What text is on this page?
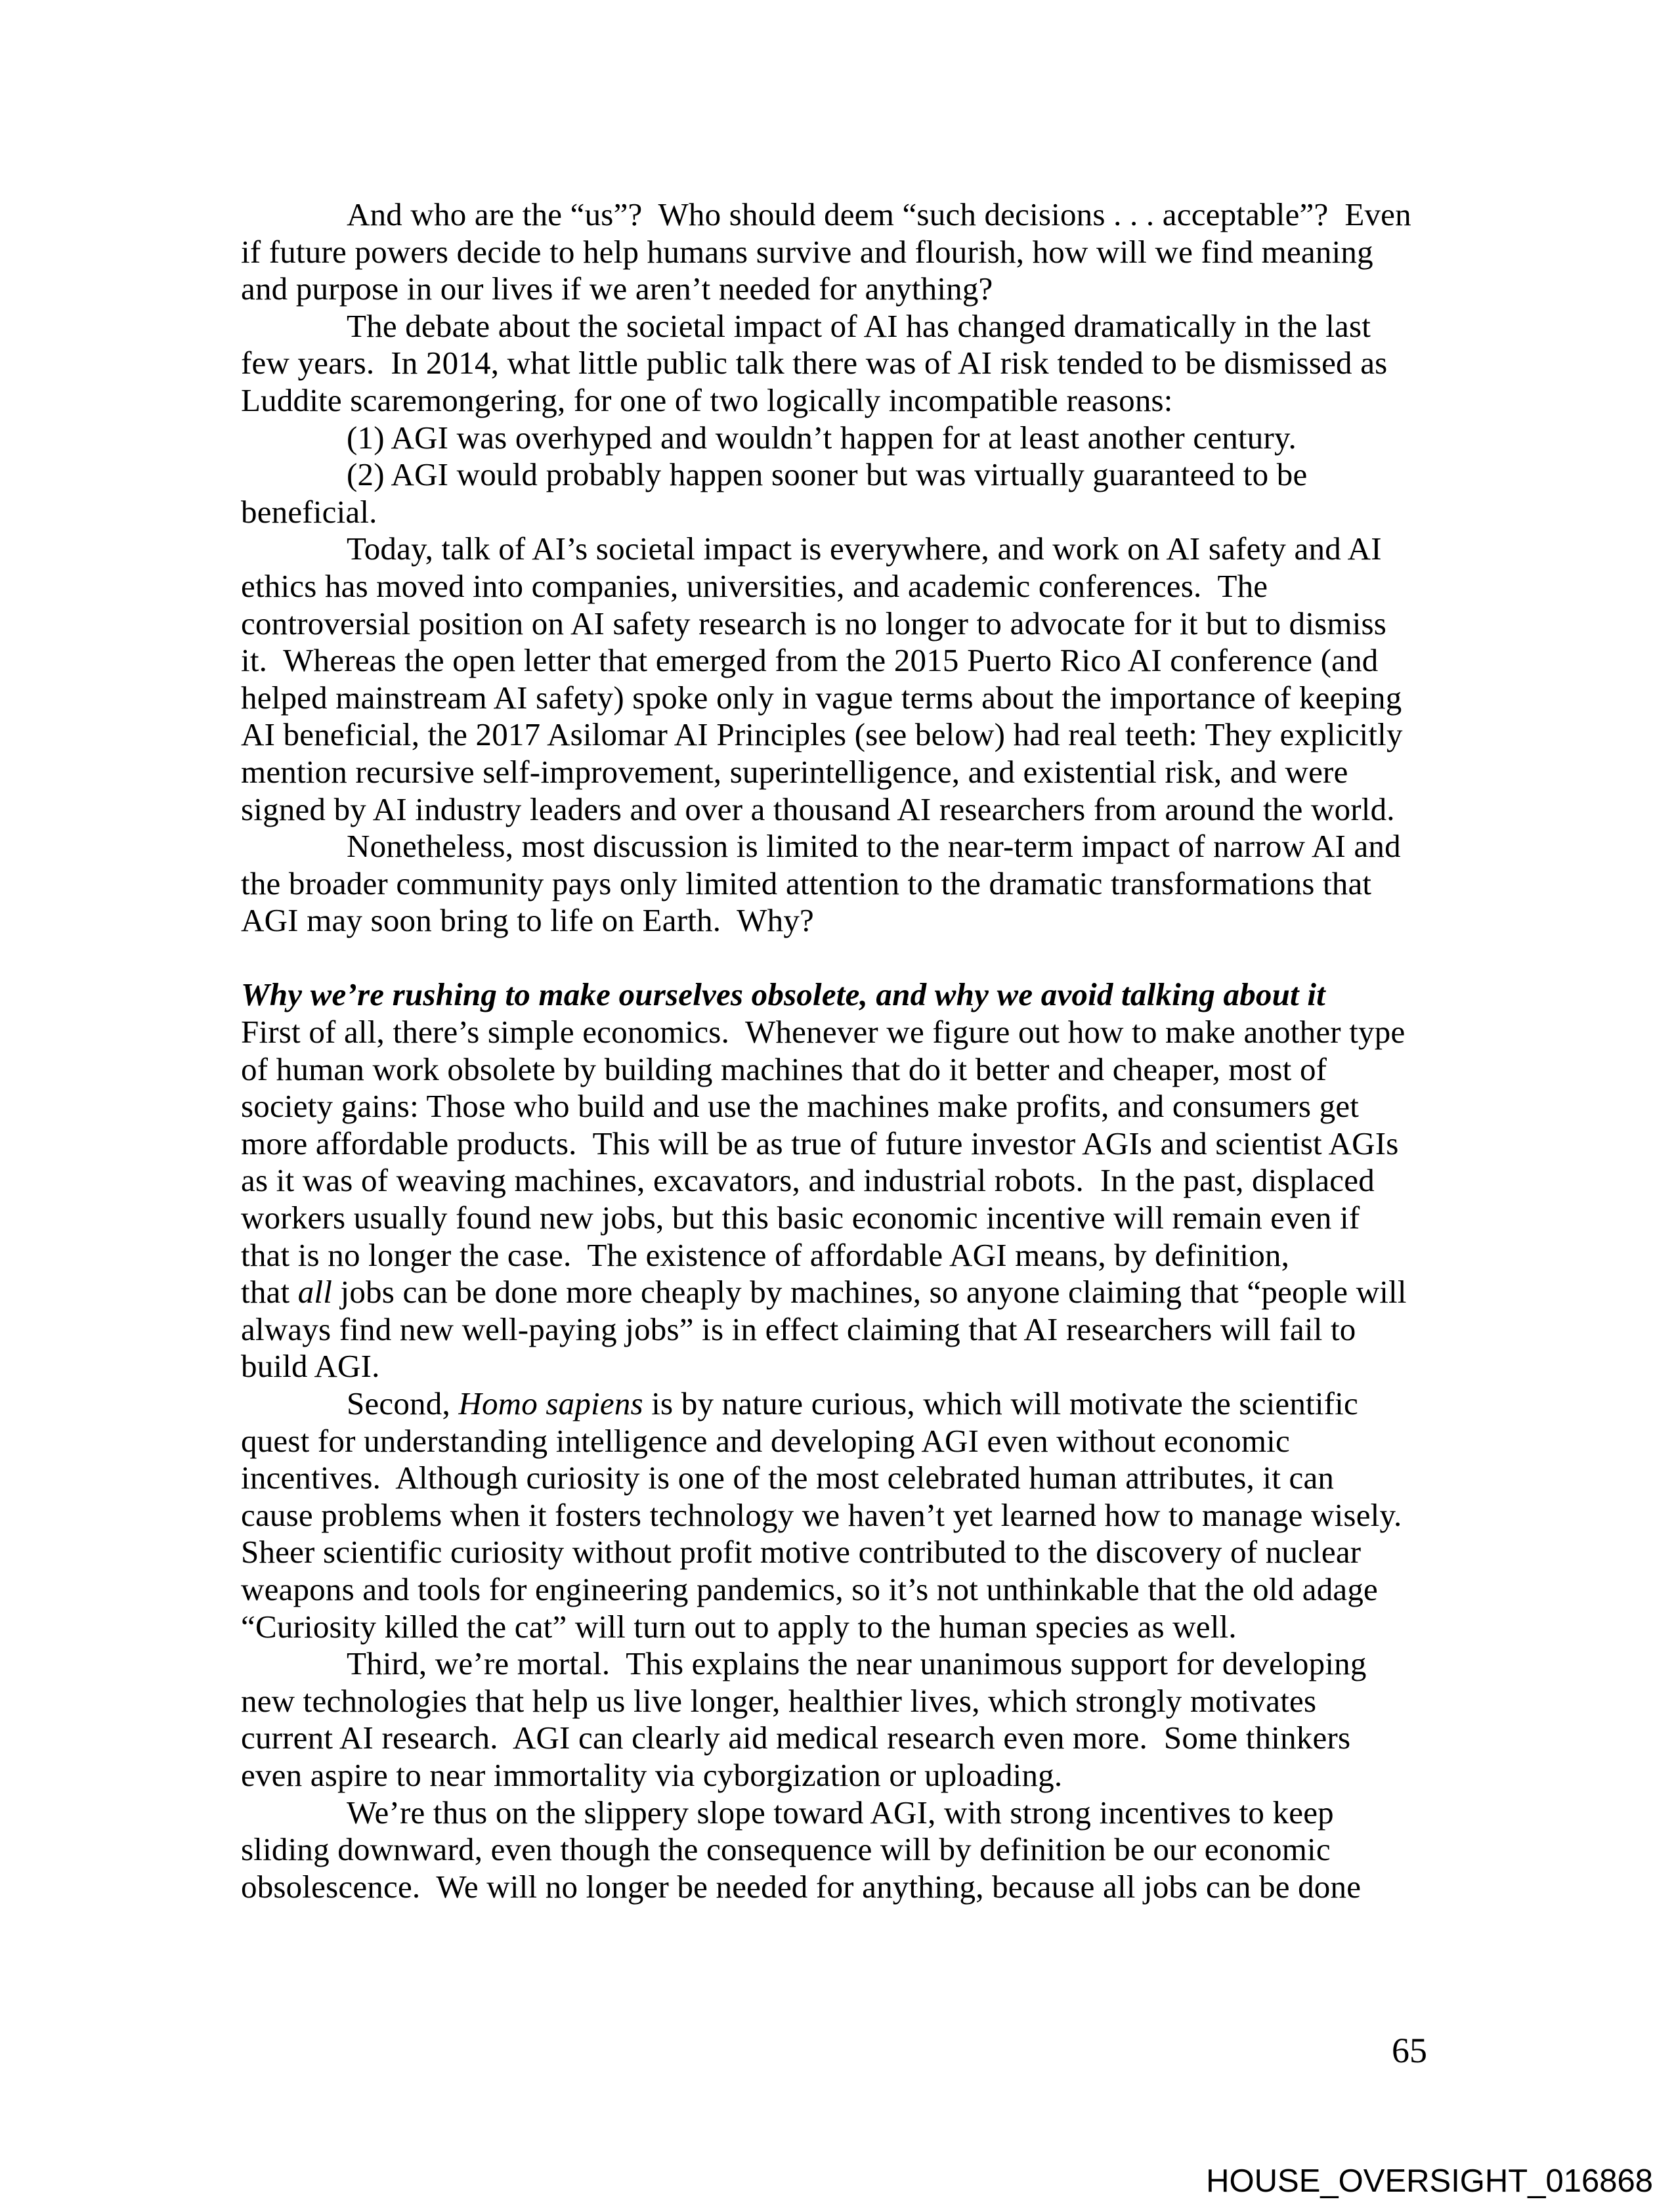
And who are the “us”?  Who should deem “such decisions . . . acceptable”?  Even
if future powers decide to help humans survive and flourish, how will we find meaning
and purpose in our lives if we aren’t needed for anything?
The debate about the societal impact of AI has changed dramatically in the last
few years.  In 2014, what little public talk there was of AI risk tended to be dismissed as
Luddite scaremongering, for one of two logically incompatible reasons:
(1) AGI was overhyped and wouldn’t happen for at least another century.
(2) AGI would probably happen sooner but was virtually guaranteed to be
beneficial.
Today, talk of AI’s societal impact is everywhere, and work on AI safety and AI
ethics has moved into companies, universities, and academic conferences.  The
controversial position on AI safety research is no longer to advocate for it but to dismiss
it.  Whereas the open letter that emerged from the 2015 Puerto Rico AI conference (and
helped mainstream AI safety) spoke only in vague terms about the importance of keeping
AI beneficial, the 2017 Asilomar AI Principles (see below) had real teeth: They explicitly
mention recursive self-improvement, superintelligence, and existential risk, and were
signed by AI industry leaders and over a thousand AI researchers from around the world.
Nonetheless, most discussion is limited to the near-term impact of narrow AI and
the broader community pays only limited attention to the dramatic transformations that
AGI may soon bring to life on Earth.  Why?
Why we’re rushing to make ourselves obsolete, and why we avoid talking about it
First of all, there’s simple economics.  Whenever we figure out how to make another type
of human work obsolete by building machines that do it better and cheaper, most of
society gains: Those who build and use the machines make profits, and consumers get
more affordable products.  This will be as true of future investor AGIs and scientist AGIs
as it was of weaving machines, excavators, and industrial robots.  In the past, displaced
workers usually found new jobs, but this basic economic incentive will remain even if
that is no longer the case.  The existence of affordable AGI means, by definition,
that all jobs can be done more cheaply by machines, so anyone claiming that “people will
always find new well-paying jobs” is in effect claiming that AI researchers will fail to
build AGI.
Second, Homo sapiens is by nature curious, which will motivate the scientific
quest for understanding intelligence and developing AGI even without economic
incentives.  Although curiosity is one of the most celebrated human attributes, it can
cause problems when it fosters technology we haven’t yet learned how to manage wisely.
Sheer scientific curiosity without profit motive contributed to the discovery of nuclear
weapons and tools for engineering pandemics, so it’s not unthinkable that the old adage
“Curiosity killed the cat” will turn out to apply to the human species as well.
Third, we’re mortal.  This explains the near unanimous support for developing
new technologies that help us live longer, healthier lives, which strongly motivates
current AI research.  AGI can clearly aid medical research even more.  Some thinkers
even aspire to near immortality via cyborgization or uploading.
We’re thus on the slippery slope toward AGI, with strong incentives to keep
sliding downward, even though the consequence will by definition be our economic
obsolescence.  We will no longer be needed for anything, because all jobs can be done
65
HOUSE_OVERSIGHT_016868
